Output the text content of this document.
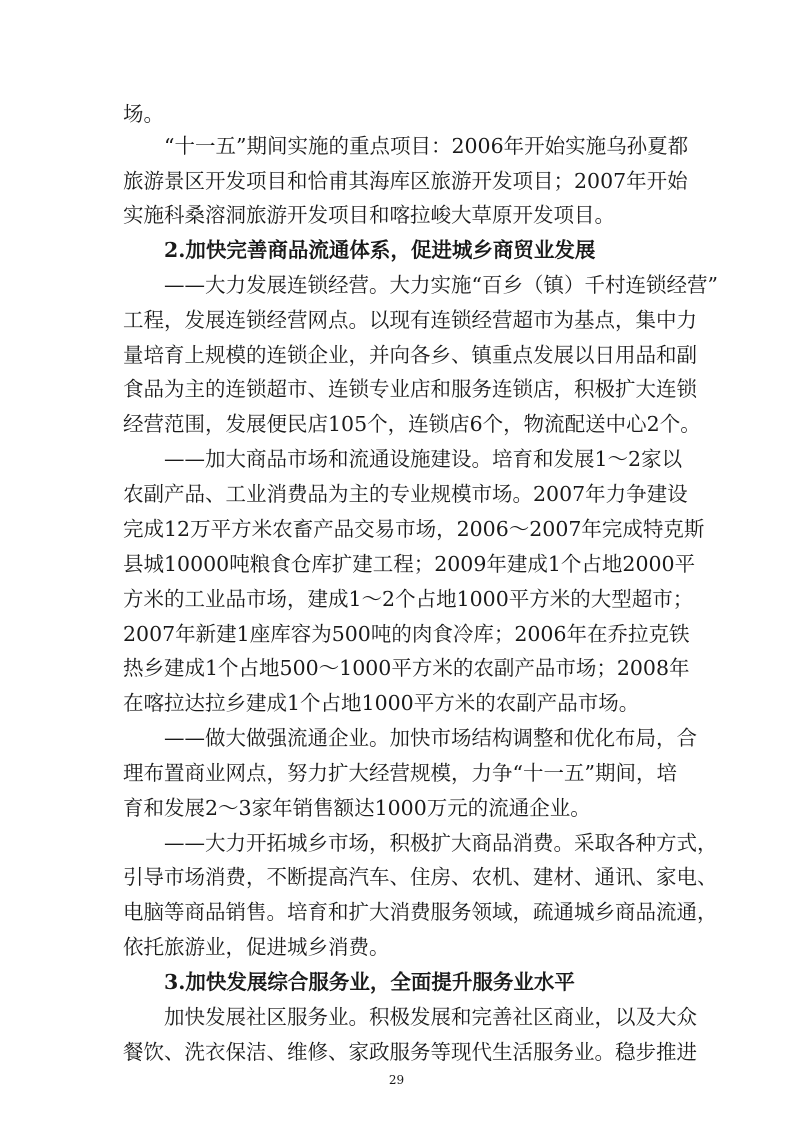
场。
“十一五”期间实施的重点项目：2006年开始实施乌孙夏都
旅游景区开发项目和恰甫其海库区旅游开发项目；2007年开始
实施科桑溶洞旅游开发项目和喀拉峻大草原开发项目。
2.加快完善商品流通体系，促进城乡商贸业发展
——大力发展连锁经营。大力实施“百乡（镇）千村连锁经营”
工程，发展连锁经营网点。以现有连锁经营超市为基点，集中力
量培育上规模的连锁企业，并向各乡、镇重点发展以日用品和副
食品为主的连锁超市、连锁专业店和服务连锁店，积极扩大连锁
经营范围，发展便民店105个，连锁店6个，物流配送中心2个。
——加大商品市场和流通设施建设。培育和发展1～2家以
农副产品、工业消费品为主的专业规模市场。2007年力争建设
完成12万平方米农畜产品交易市场，2006～2007年完成特克斯
县城10000吨粮食仓库扩建工程；2009年建成1个占地2000平
方米的工业品市场，建成1～2个占地1000平方米的大型超市；
2007年新建1座库容为500吨的肉食冷库；2006年在乔拉克铁
热乡建成1个占地500～1000平方米的农副产品市场；2008年
在喀拉达拉乡建成1个占地1000平方米的农副产品市场。
——做大做强流通企业。加快市场结构调整和优化布局，合
理布置商业网点，努力扩大经营规模，力争“十一五”期间，培
育和发展2～3家年销售额达1000万元的流通企业。
——大力开拓城乡市场，积极扩大商品消费。采取各种方式，
引导市场消费，不断提高汽车、住房、农机、建材、通讯、家电、
电脑等商品销售。培育和扩大消费服务领域，疏通城乡商品流通，
依托旅游业，促进城乡消费。
3.加快发展综合服务业，全面提升服务业水平
加快发展社区服务业。积极发展和完善社区商业，以及大众
餐饮、洗衣保洁、维修、家政服务等现代生活服务业。稳步推进
29
